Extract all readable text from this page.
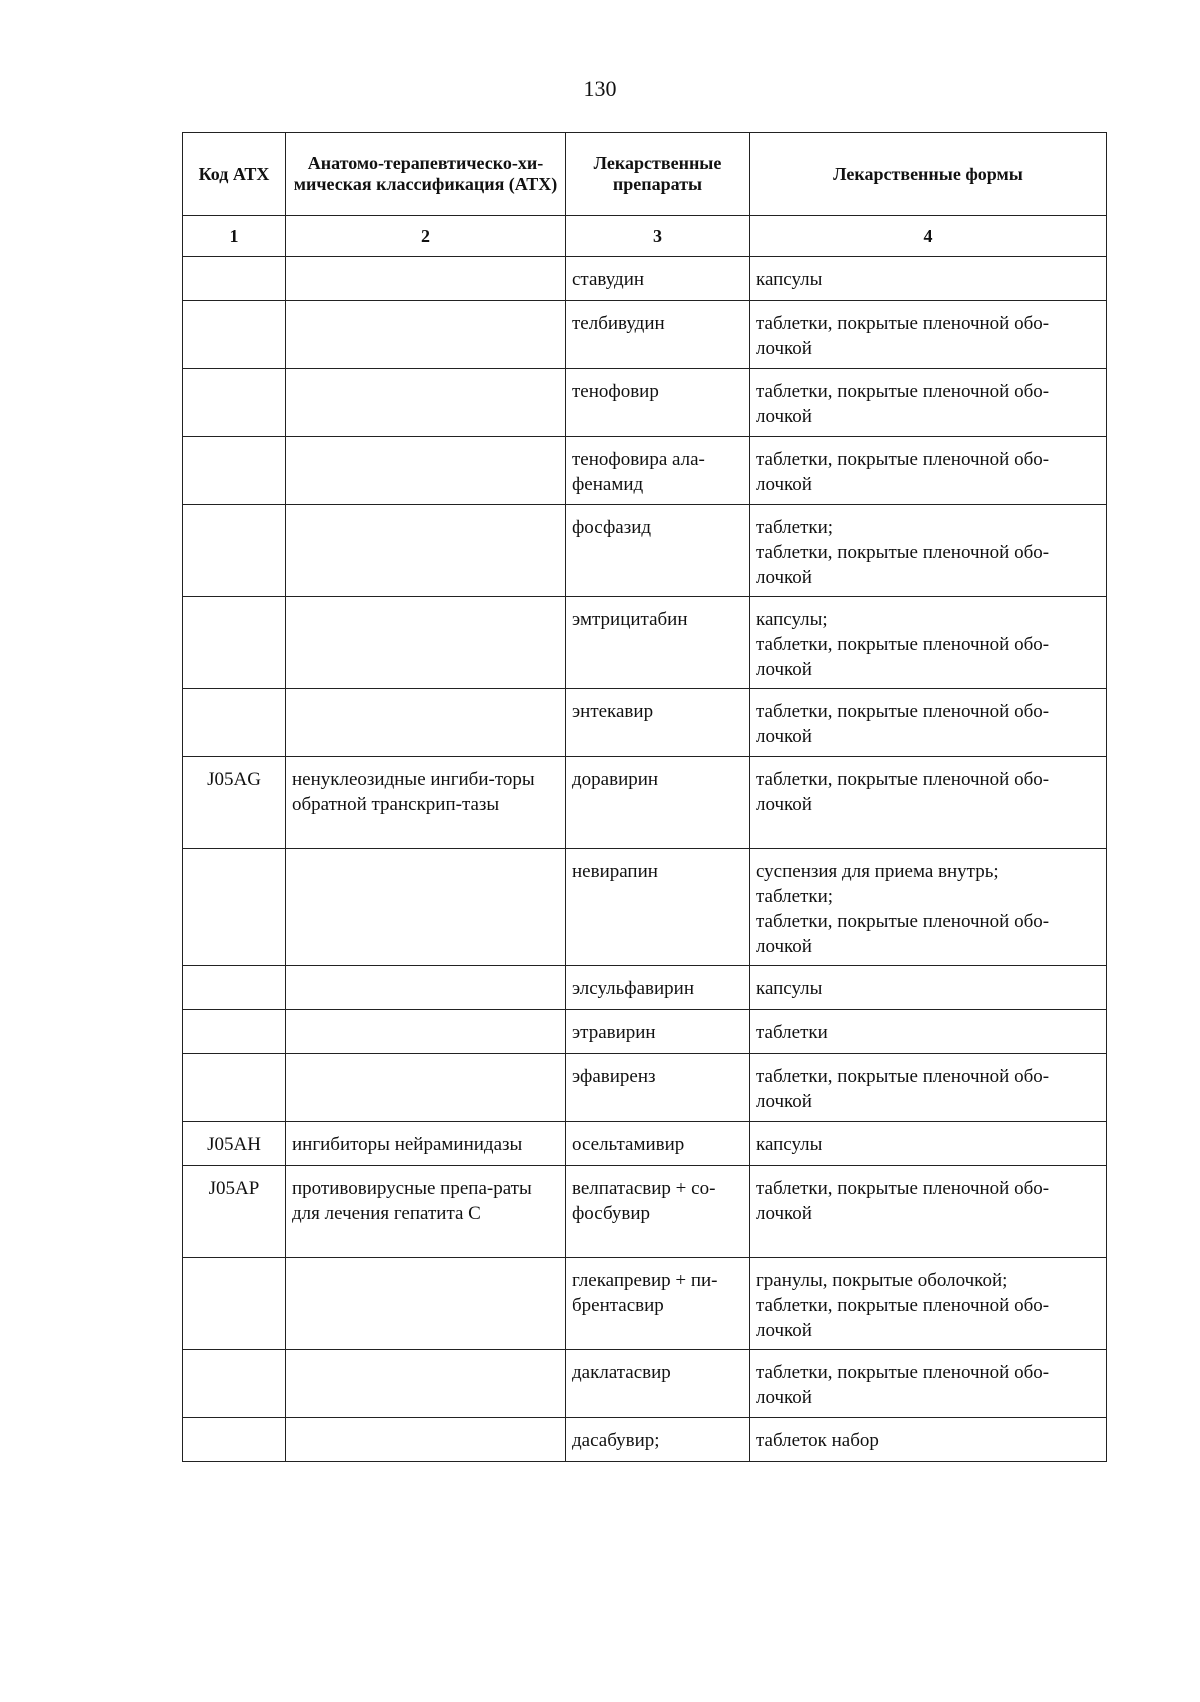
130
Код АТХ	Анатомо-терапевтическо-хи-мическая классификация (АТХ)	Лекарственные препараты	Лекарственные формы
1	2	3	4
		ставудин	капсулы

		телбивудин	таблетки, покрытые пленочной обо-лочкой

		тенофовир	таблетки, покрытые пленочной обо-лочкой

		тенофовира ала-фенамид	таблетки, покрытые пленочной обо-лочкой

		фосфазид	таблетки;
таблетки, покрытые пленочной обо-лочкой

		эмтрицитабин	капсулы;
таблетки, покрытые пленочной обо-лочкой

		энтекавир	таблетки, покрытые пленочной обо-лочкой

J05AG	ненуклеозидные ингиби-торы обратной транскрип-тазы	доравирин	таблетки, покрытые пленочной обо-лочкой

		невирапин	суспензия для приема внутрь;
таблетки;
таблетки, покрытые пленочной обо-лочкой

		элсульфавирин	капсулы

		этравирин	таблетки

		эфавиренз	таблетки, покрытые пленочной обо-лочкой

J05AH	ингибиторы нейраминидазы	осельтамивир	капсулы

J05AP	противовирусные препа-раты для лечения гепатита С	велпатасвир + со-фосбувир	таблетки, покрытые пленочной обо-лочкой

		глекапревир + пи-брентасвир	гранулы, покрытые оболочкой;
таблетки, покрытые пленочной обо-лочкой

		даклатасвир	таблетки, покрытые пленочной обо-лочкой

		дасабувир;	таблеток набор
